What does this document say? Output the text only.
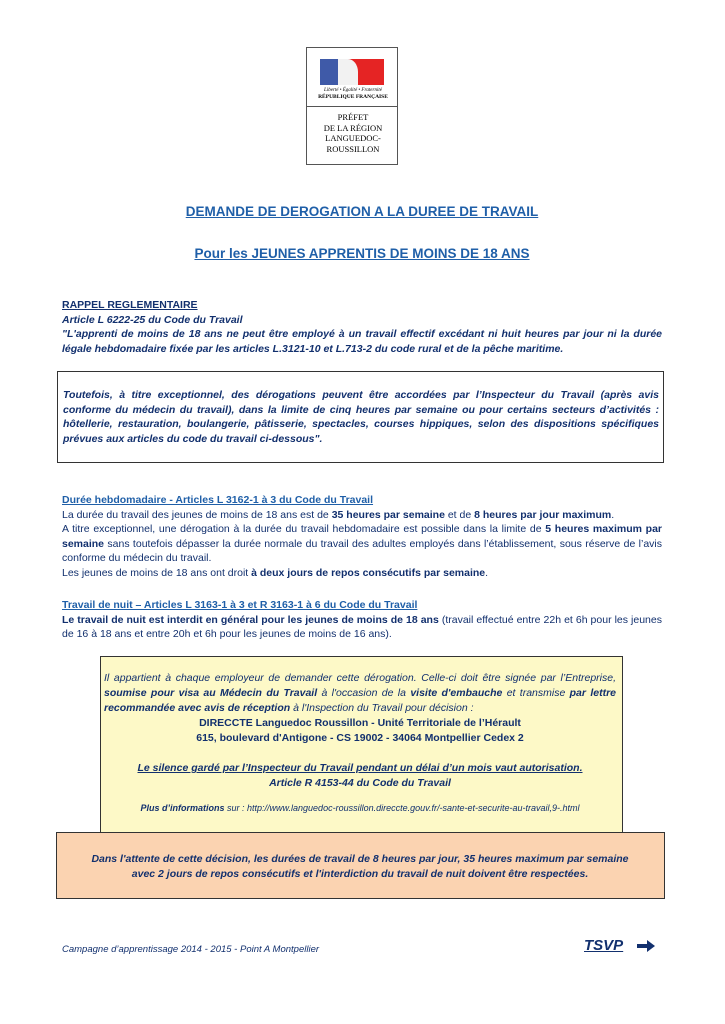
Liberté • Égalité • Fraternité
RÉPUBLIQUE FRANÇAISE
PRÉFET
DE LA RÉGION
LANGUEDOC-
ROUSSILLON
DEMANDE DE DEROGATION A LA DUREE DE TRAVAIL
Pour les JEUNES APPRENTIS DE MOINS DE 18 ANS
RAPPEL REGLEMENTAIRE
Article L 6222-25 du Code du Travail
"L'apprenti de moins de 18 ans ne peut être employé à un travail effectif excédant ni huit heures par jour ni la durée légale hebdomadaire fixée par les articles L.3121-10 et L.713-2 du code rural et de la pêche maritime.
Toutefois, à titre exceptionnel, des dérogations peuvent être accordées par l’Inspecteur du Travail (après avis conforme du médecin du travail), dans la limite de cinq heures par semaine ou pour certains secteurs d’activités : hôtellerie, restauration, boulangerie, pâtisserie, spectacles, courses hippiques, selon des dispositions spécifiques prévues aux articles du code du travail ci-dessous".
Durée hebdomadaire - Articles L 3162-1 à 3 du Code du Travail
La durée du travail des jeunes de moins de 18 ans est de 35 heures par semaine et de 8 heures par jour maximum.
A titre exceptionnel, une dérogation à la durée du travail hebdomadaire est possible dans la limite de 5 heures maximum par semaine sans toutefois dépasser la durée normale du travail des adultes employés dans l’établissement, sous réserve de l’avis conforme du médecin du travail.
Les jeunes de moins de 18 ans ont droit à deux jours de repos consécutifs par semaine.
Travail de nuit – Articles L 3163-1 à 3 et R 3163-1 à 6 du Code du Travail
Le travail de nuit est interdit en général pour les jeunes de moins de 18 ans (travail effectué entre 22h et 6h pour les jeunes de 16 à 18 ans et entre 20h et 6h pour les jeunes de moins de 16 ans).
Il appartient à chaque employeur de demander cette dérogation. Celle-ci doit être signée par l’Entreprise, soumise pour visa au Médecin du Travail à l'occasion de la visite d'embauche et transmise par lettre recommandée avec avis de réception à l'Inspection du Travail pour décision :
DIRECCTE Languedoc Roussillon - Unité Territoriale de l’Hérault
615, boulevard d'Antigone - CS 19002 - 34064 Montpellier Cedex 2
Le silence gardé par l’Inspecteur du Travail pendant un délai d’un mois vaut autorisation.
Article R 4153-44 du Code du Travail
Plus d’informations sur : http://www.languedoc-roussillon.direccte.gouv.fr/-sante-et-securite-au-travail,9-.html
Dans l'attente de cette décision, les durées de travail de 8 heures par jour, 35 heures maximum par semaine
avec 2 jours de repos consécutifs et l'interdiction du travail de nuit doivent être respectées.
Campagne d’apprentissage 2014 - 2015 - Point A Montpellier	TSVP
